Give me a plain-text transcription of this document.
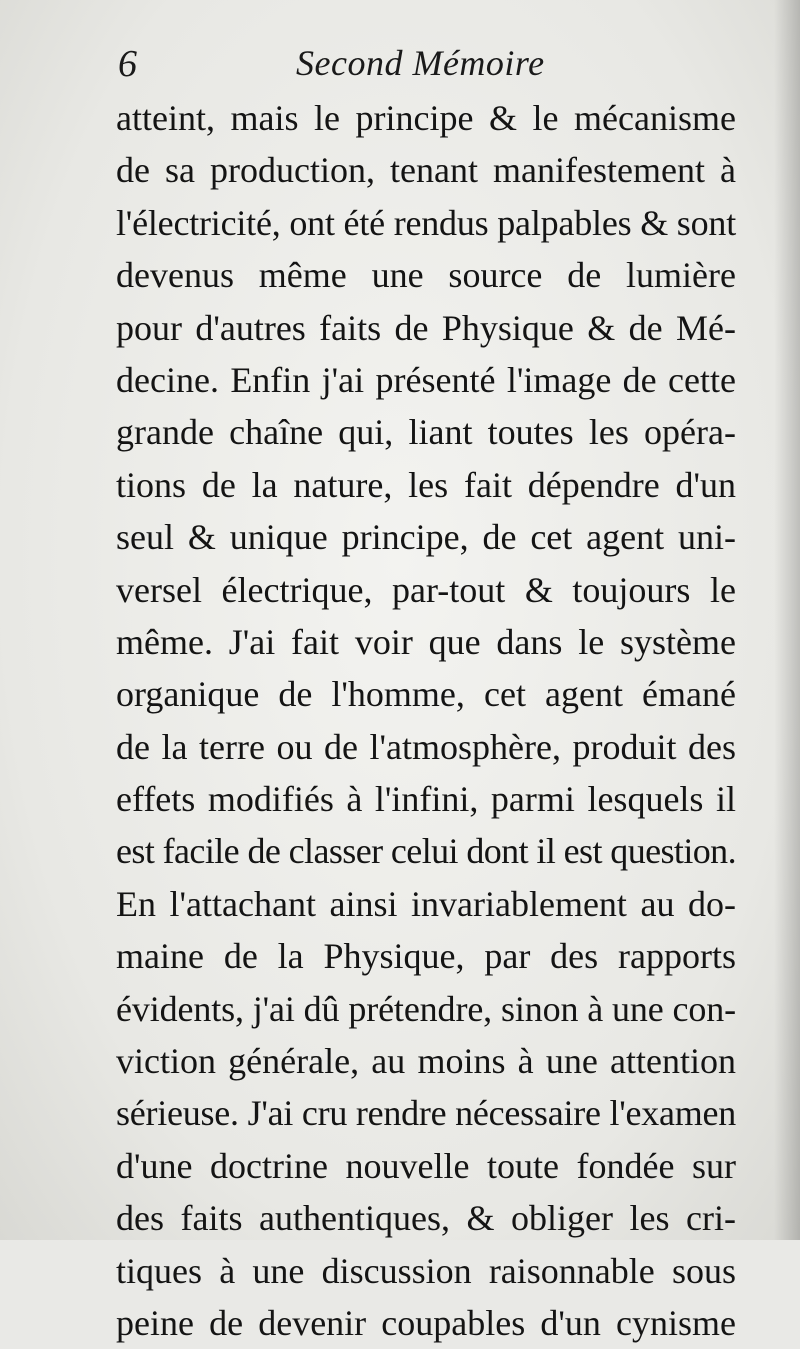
6	Second Mémoire
atteint, mais le principe & le mécanisme
de sa production, tenant manifestement à
l'électricité, ont été rendus palpables & sont
devenus même une source de lumière
pour d'autres faits de Physique & de Mé-
decine. Enfin j'ai présenté l'image de cette
grande chaîne qui, liant toutes les opéra-
tions de la nature, les fait dépendre d'un
seul & unique principe, de cet agent uni-
versel électrique, par-tout & toujours le
même. J'ai fait voir que dans le système
organique de l'homme, cet agent émané
de la terre ou de l'atmosphère, produit des
effets modifiés à l'infini, parmi lesquels il
est facile de classer celui dont il est question.
En l'attachant ainsi invariablement au do-
maine de la Physique, par des rapports
évidents, j'ai dû prétendre, sinon à une con-
viction générale, au moins à une attention
sérieuse. J'ai cru rendre nécessaire l'examen
d'une doctrine nouvelle toute fondée sur
des faits authentiques, & obliger les cri-
tiques à une discussion raisonnable sous
peine de devenir coupables d'un cynisme
